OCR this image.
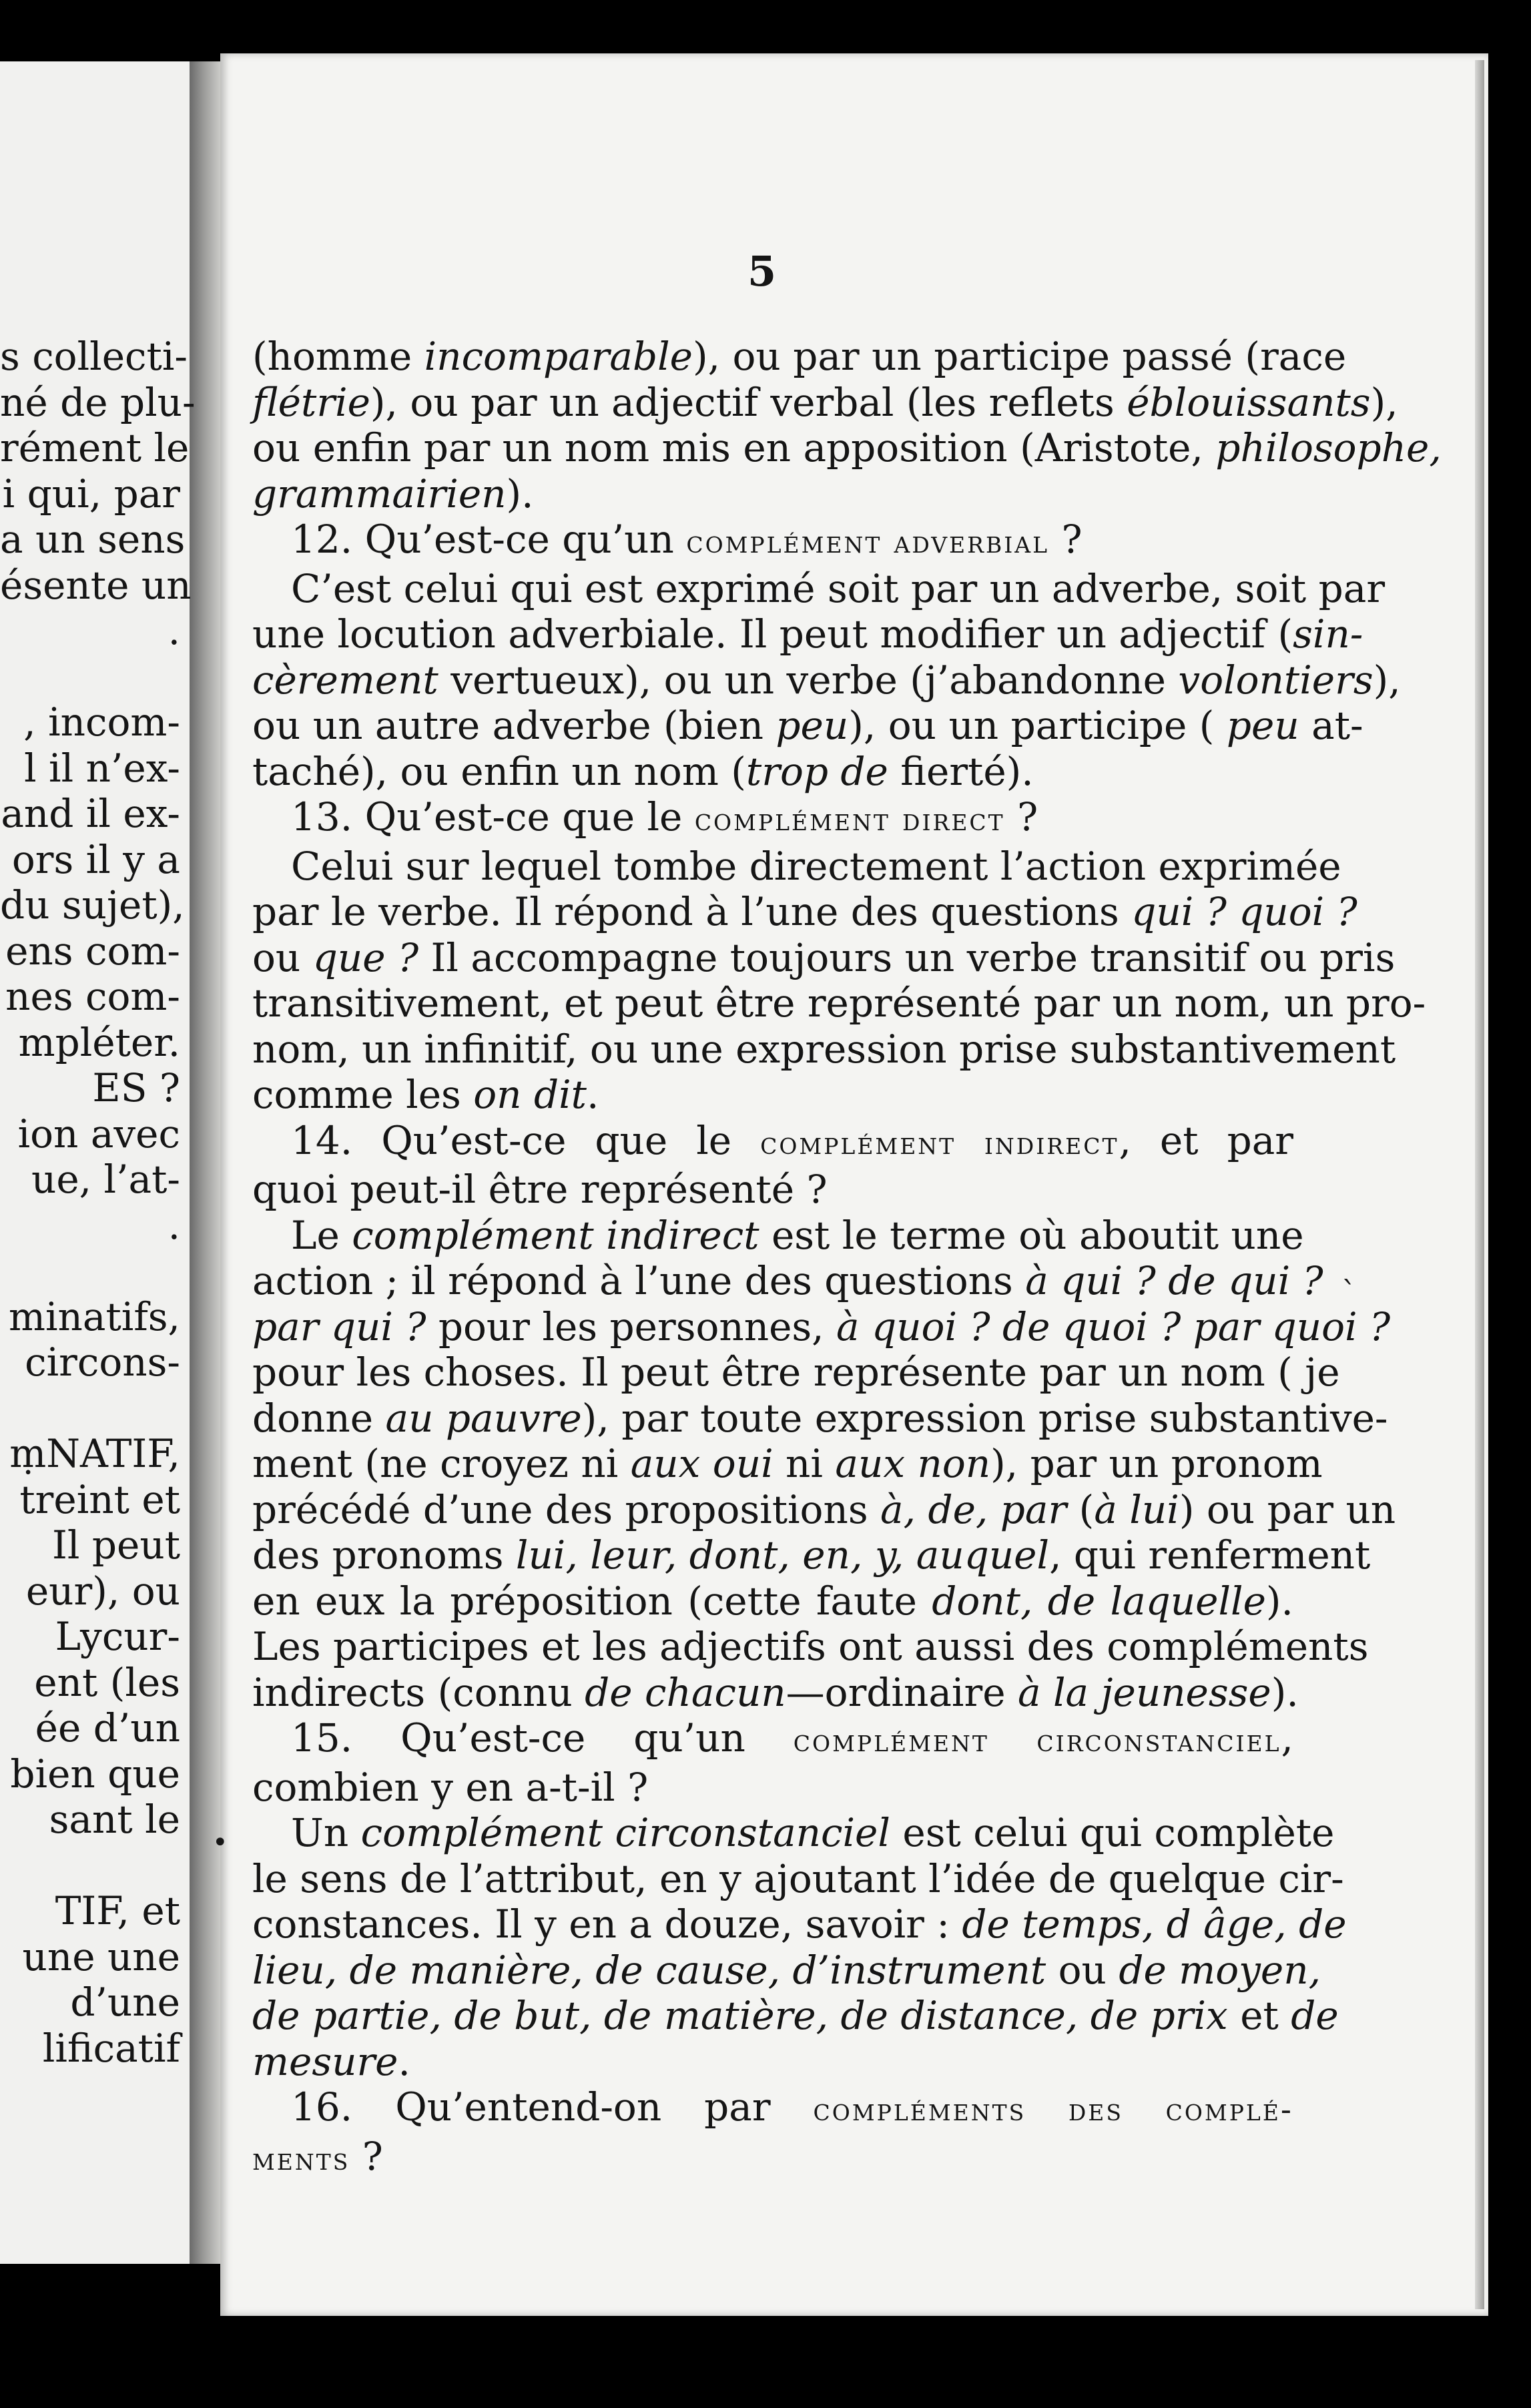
5
s collecti-
né de plu-
rément le
i qui, par
a un sens
ésente un
.
, incom-
l il n’ex-
and il ex-
ors il y a
du sujet),
ens com-
nes com-
mpléter.
ES ?
ion avec
ue, l’at-
.
minatifs,
circons-
ṃNATIF,
treint et
Il peut
eur), ou
Lycur-
ent (les
ée d’un
bien que
sant le
TIF, et
une une
d’une
lificatif
(homme incomparable), ou par un participe passé (race
flétrie), ou par un adjectif verbal (les reflets éblouissants),
ou enfin par un nom mis en apposition (Aristote, philosophe,
grammairien).
 12. Qu’est-ce qu’un complément adverbial ?
 C’est celui qui est exprimé soit par un adverbe, soit par
une locution adverbiale. Il peut modifier un adjectif (sin-
cèrement vertueux), ou un verbe (j’abandonne volontiers),
ou un autre adverbe (bien peu), ou un participe ( peu at-
taché), ou enfin un nom (trop de fierté).
 13. Qu’est-ce que le complément direct ?
 Celui sur lequel tombe directement l’action exprimée
par le verbe. Il répond à l’une des questions qui ? quoi ?
ou que ? Il accompagne toujours un verbe transitif ou pris
transitivement, et peut être représenté par un nom, un pro-
nom, un infinitif, ou une expression prise substantivement
comme les on dit.
 14. Qu’est-ce que le complément indirect, et par
quoi peut-il être représenté ?
 Le complément indirect est le terme où aboutit une
action ; il répond à l’une des questions à qui ? de qui ?
par qui ? pour les personnes, à quoi ? de quoi ? par quoi ?
pour les choses. Il peut être représente par un nom ( je
donne au pauvre), par toute expression prise substantive-
ment (ne croyez ni aux oui ni aux non), par un pronom
précédé d’une des propositions à, de, par (à lui) ou par un
des pronoms lui, leur, dont, en, y, auquel, qui renferment
en eux la préposition (cette faute dont, de laquelle).
Les participes et les adjectifs ont aussi des compléments
indirects (connu de chacun—ordinaire à la jeunesse).
 15. Qu’est-ce qu’un complément circonstanciel,
combien y en a-t-il ?
 Un complément circonstanciel est celui qui complète
le sens de l’attribut, en y ajoutant l’idée de quelque cir-
constances. Il y en a douze, savoir : de temps, d âge, de
lieu, de manière, de cause, d’instrument ou de moyen,
de partie, de but, de matière, de distance, de prix et de
mesure.
 16. Qu’entend-on par compléments des complé-
ments ?
ˋ
•
